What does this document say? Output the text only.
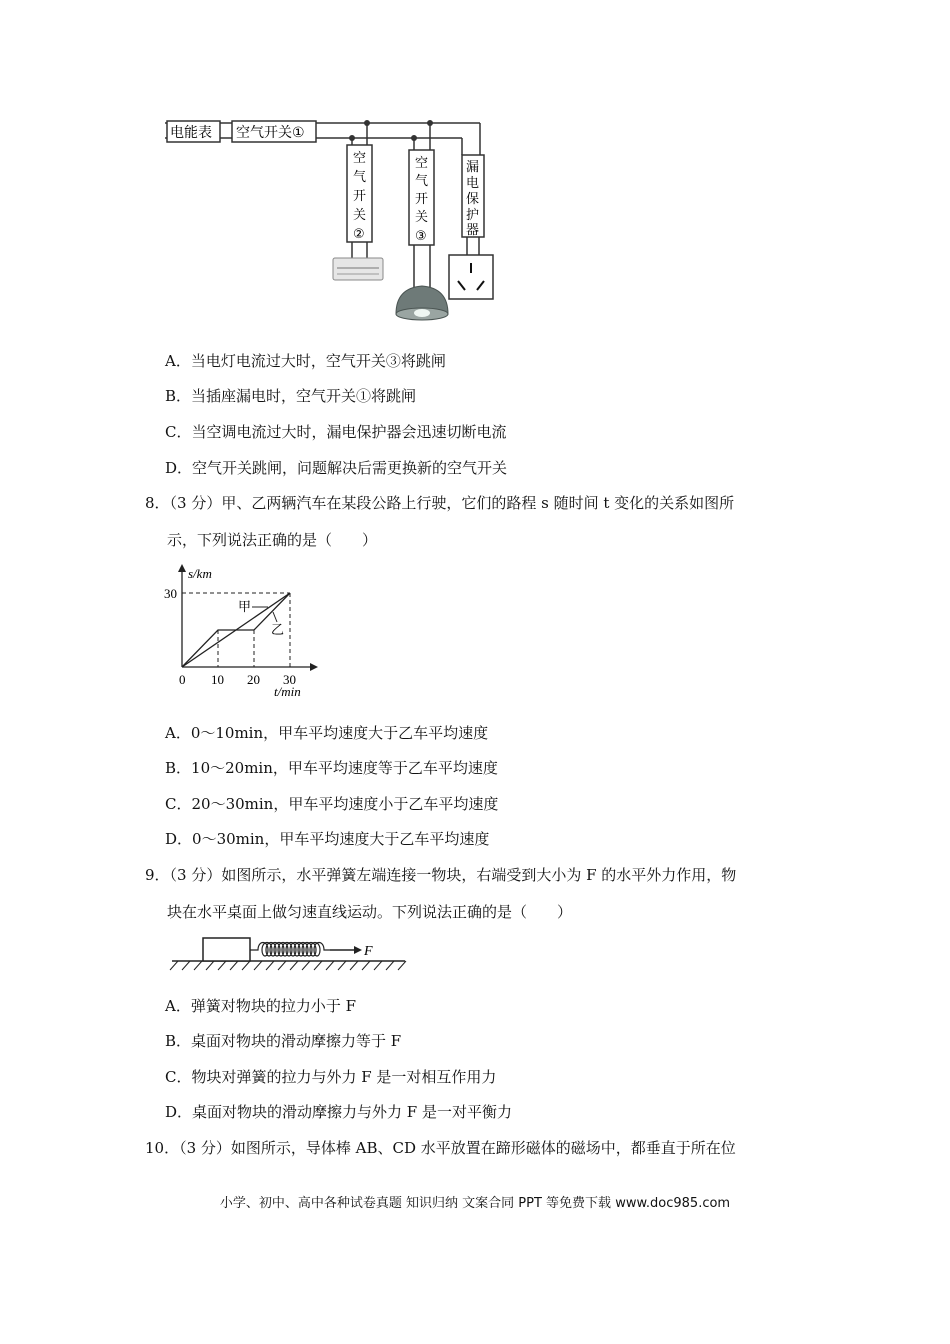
电能表 空气开关①
空
气
开
关
②
空
气
开
关
③
漏
电
保
护
器
A．当电灯电流过大时，空气开关③将跳闸
B．当插座漏电时，空气开关①将跳闸
C．当空调电流过大时，漏电保护器会迅速切断电流
D．空气开关跳闸，问题解决后需更换新的空气开关
8．（3 分）甲、乙两辆汽车在某段公路上行驶，它们的路程 s 随时间 t 变化的关系如图所
示，下列说法正确的是（　　）
0 10 20 30
30
s/km
t/min
甲
乙
A．0～10min，甲车平均速度大于乙车平均速度
B．10～20min，甲车平均速度等于乙车平均速度
C．20～30min，甲车平均速度小于乙车平均速度
D．0～30min，甲车平均速度大于乙车平均速度
9．（3 分）如图所示，水平弹簧左端连接一物块，右端受到大小为 F 的水平外力作用，物
块在水平桌面上做匀速直线运动。下列说法正确的是（　　）
F
A．弹簧对物块的拉力小于 F
B．桌面对物块的滑动摩擦力等于 F
C．物块对弹簧的拉力与外力 F 是一对相互作用力
D．桌面对物块的滑动摩擦力与外力 F 是一对平衡力
10．（3 分）如图所示，导体棒 AB、CD 水平放置在蹄形磁体的磁场中，都垂直于所在位
小学、初中、高中各种试卷真题 知识归纳 文案合同 PPT 等免费下载 www.doc985.com
